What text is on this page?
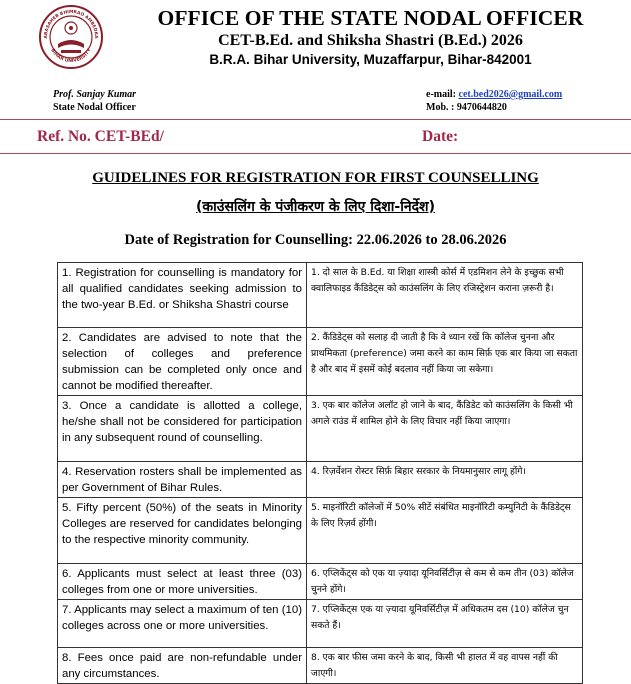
ABASAHEB BHIMRAO AMBEDKA
BIHAR UNIVERSITY
OFFICE OF THE STATE NODAL OFFICER
CET-B.Ed. and Shiksha Shastri (B.Ed.) 2026
B.R.A. Bihar University, Muzaffarpur, Bihar-842001
Prof. Sanjay Kumar
State Nodal Officer
e-mail: cet.bed2026@gmail.com
Mob. : 9470644820
Ref. No. CET-BEd/	Date:
GUIDELINES FOR REGISTRATION FOR FIRST COUNSELLING
(काउंसलिंग के पंजीकरण के लिए दिशा-निर्देश)
Date of Registration for Counselling: 22.06.2026 to 28.06.2026
1. Registration for counselling is mandatory for all qualified candidates seeking admission to the two-year B.Ed. or Shiksha Shastri course	1. दो साल के B.Ed. या शिक्षा शास्त्री कोर्स में एडमिशन लेने के इच्छुक सभी क्वालिफाइड कैंडिडेट्स को काउंसलिंग के लिए रजिस्ट्रेशन कराना ज़रूरी है।
2. Candidates are advised to note that the selection of colleges and preference submission can be completed only once and cannot be modified thereafter.	2. कैंडिडेट्स को सलाह दी जाती है कि वे ध्यान रखें कि कॉलेज चुनना और प्राथमिकता (preference) जमा करने का काम सिर्फ़ एक बार किया जा सकता है और बाद में इसमें कोई बदलाव नहीं किया जा सकेगा।
3. Once a candidate is allotted a college, he/she shall not be considered for participation in any subsequent round of counselling.	3. एक बार कॉलेज अलॉट हो जाने के बाद, कैंडिडेट को काउंसलिंग के किसी भी अगले राउंड में शामिल होने के लिए विचार नहीं किया जाएगा।
4. Reservation rosters shall be implemented as per Government of Bihar Rules.	4. रिज़र्वेशन रोस्टर सिर्फ़ बिहार सरकार के नियमानुसार लागू होंगे।
5. Fifty percent (50%) of the seats in Minority Colleges are reserved for candidates belonging to the respective minority community.	5. माइनॉरिटी कॉलेजों में 50% सीटें संबंधित माइनॉरिटी कम्युनिटी के कैंडिडेट्स के लिए रिज़र्व होंगी।
6. Applicants must select at least three (03) colleges from one or more universities.	6. एप्लिकेंट्स को एक या ज़्यादा यूनिवर्सिटीज़ से कम से कम तीन (03) कॉलेज चुनने होंगे।
7. Applicants may select a maximum of ten (10) colleges across one or more universities.	7. एप्लिकेंट्स एक या ज़्यादा यूनिवर्सिटीज़ में अधिकतम दस (10) कॉलेज चुन सकते हैं।
8. Fees once paid are non-refundable under any circumstances.	8. एक बार फीस जमा करने के बाद, किसी भी हालत में वह वापस नहीं की जाएगी।
